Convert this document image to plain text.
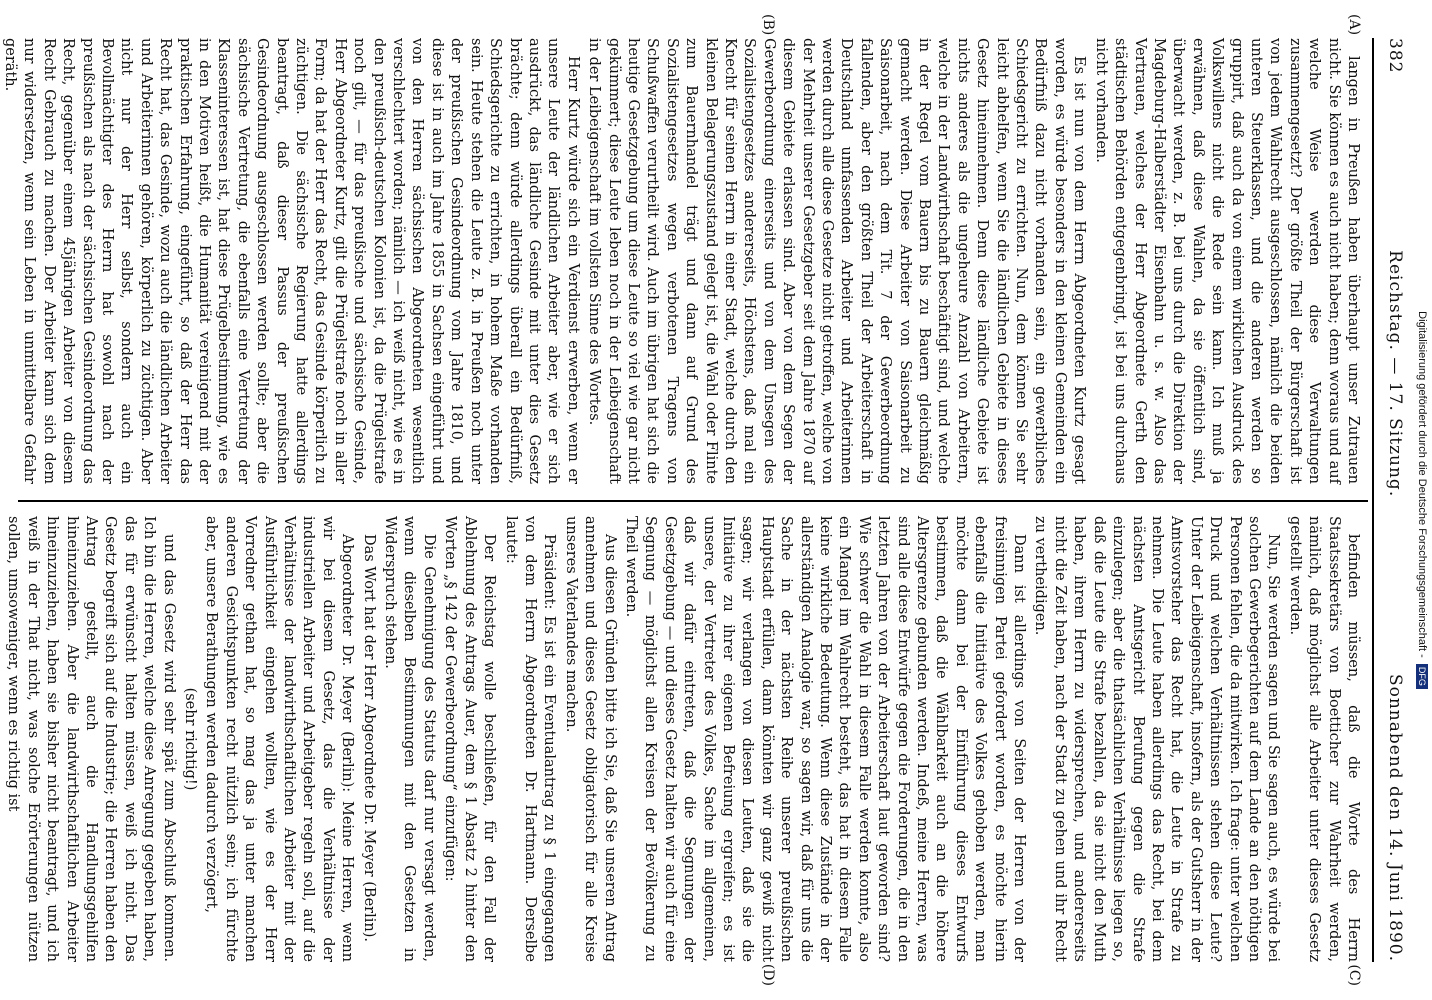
382
Reichstag. — 17. Sitzung.
Sonnabend den 14. Juni 1890.
(A)
(B)
(C)
(D)

langen in Preußen haben überhaupt unser Zutrauen nicht. Sie können es auch nicht haben; denn woraus und auf welche Weise werden diese Verwaltungen zusammengesetzt? Der größte Theil der Bürgerschaft ist von jedem Wahlrecht ausgeschlossen, nämlich die beiden unteren Steuerklassen, und die anderen werden so gruppirt, daß auch da von einem wirklichen Ausdruck des Volkswillens nicht die Rede sein kann. Ich muß ja erwähnen, daß diese Wahlen, da sie öffentlich sind, überwacht werden, z. B. bei uns durch die Direktion der Magdeburg-Halberstädter Eisenbahn u. s. w. Also das Vertrauen, welches der Herr Abgeordnete Gerth den städtischen Behörden entgegenbringt, ist bei uns durchaus nicht vorhanden.

Es ist nun von dem Herrn Abgeordneten Kurtz gesagt worden, es würde besonders in den kleinen Gemeinden ein Bedürfniß dazu nicht vorhanden sein, ein gewerbliches Schiedsgericht zu errichten. Nun, dem können Sie sehr leicht abhelfen, wenn Sie die ländlichen Gebiete in dieses Gesetz hineinnehmen. Denn diese ländliche Gebiete ist nichts anderes als die ungeheure Anzahl von Arbeitern, welche in der Landwirthschaft beschäftigt sind, und welche in der Regel vom Bauern bis zu Bauern gleichmäßig gemacht werden. Diese Arbeiter von Saisonarbeit zu Saisonarbeit, nach dem Tit. 7 der Gewerbeordnung fallenden, aber den größten Theil der Arbeiterschaft in Deutschland umfassenden Arbeiter und Arbeiterinnen werden durch alle diese Gesetze nicht getroffen, welche von der Mehrheit unserer Gesetzgeber seit dem Jahre 1870 auf diesem Gebiete erlassen sind. Aber von dem Segen der Gewerbeordnung einerseits und von dem Unsegen des Sozialistengesetzes andererseits, Höchstens, daß mal ein Knecht für seinen Herrn in einer Stadt, welche durch den kleinen Belagerungszustand gelegt ist, die Wahl oder Flinte zum Bauernhandel trägt und dann auf Grund des Sozialistengesetzes wegen verbotenen Tragens von Schußwaffen verurtheilt wird. Auch im übrigen hat sich die heutige Gesetzgebung um diese Leute so viel wie gar nicht gekümmert; diese Leute leben noch in der Leibeigenschaft in der Leibeigenschaft im vollsten Sinne des Wortes.

Herr Kurtz würde sich ein Verdienst erwerben, wenn er unsere Leute der ländlichen Arbeiter aber, wie er sich ausdrückt, das ländliche Gesinde mit unter dies Gesetz brächte; denn würde allerdings überall ein Bedürfniß, Schiedsgerichte zu errichten, in hohem Maße vorhanden sein. Heute stehen die Leute z. B. in Preußen noch unter der preußischen Gesindeordnung vom Jahre 1810, und diese ist in auch im Jahre 1855 in Sachsen eingeführt und von den Herren sächsischen Abgeordneten wesentlich verschlechtert worden; nämlich — ich weiß nicht, wie es in den preußisch-deutschen Kolonien ist, da die Prügelstrafe noch gilt, — für das preußische und sächsische Gesinde, Herr Abgeordneter Kurtz, gilt die Prügelstrafe noch in aller Form; da hat der Herr das Recht, das Gesinde körperlich zu züchtigen. Die sächsische Regierung hatte allerdings beantragt, daß dieser Passus der preußischen Gesindeordnung ausgeschlossen werden sollte; aber die sächsische Vertretung, die ebenfalls eine Vertretung der Klasseninteressen ist, hat diese Prügelbestimmung, wie es in den Motiven heißt, die Humanität vereinigend mit der praktischen Erfahrung, eingeführt, so daß der Herr das Recht hat, das Gesinde, wozu auch die ländlichen Arbeiter und Arbeiterinnen gehören, körperlich zu züchtigen. Aber nicht nur der Herr selbst, sondern auch ein Bevollmächtigter des Herrn hat sowohl nach der preußischen als nach der sächsischen Gesindeordnung das Recht, gegenüber einem 45jährigen Arbeiter von diesem Recht Gebrauch zu machen. Der Arbeiter kann sich dem nur widersetzen, wenn sein Leben in unmittelbare Gefahr geräth.

befinden müssen, daß die Worte des Herrn Staatssekretärs von Boetticher zur Wahrheit werden, nämlich, daß möglichst alle Arbeiter unter dieses Gesetz gestellt werden.

Nun, Sie werden sagen und Sie sagen auch, es würde bei solchen Gewerbegerichten auf dem Lande an den nöthigen Personen fehlen, die da mitwirken. Ich frage: unter welchen Druck und welchen Verhältnissen stehen diese Leute? Unter der Leibeigenschaft, insofern, als der Gutsherr in der Amtsvorsteher das Recht hat, die Leute in Strafe zu nehmen. Die Leute haben allerdings das Recht, bei dem nächsten Amtsgericht Berufung gegen die Strafe einzulegen; aber die thatsächlichen Verhältnisse liegen so, daß die Leute die Strafe bezahlen, da sie nicht den Muth haben, ihrem Herrn zu widersprechen, und andererseits nicht die Zeit haben, nach der Stadt zu gehen und ihr Recht zu vertheidigen.

Dann ist allerdings von Seiten der Herren von der freisinnigen Partei gefordert worden, es möchte hierin ebenfalls die Initiative des Volkes gehoben werden, man möchte dann bei der Einführung dieses Entwurfs bestimmen, daß die Wählbarkeit auch an die höhere Altersgrenze gebunden werden. Indeß, meine Herren, was sind alle diese Entwürfe gegen die Forderungen, die in den letzten Jahren von der Arbeiterschaft laut geworden sind? Wie schwer die Wahl in diesem Falle werden konnte, also ein Mangel im Wahlrecht besteht, das hat in diesem Falle keine wirkliche Bedeutung. Wenn diese Zustände in der allerständigen Analogie war, so sagen wir, daß für uns die Sache in der nächsten Reihe unserer preußischen Hauptstadt erfüllen, dann könnten wir ganz gewiß nicht sagen; wir verlangen von diesen Leuten, daß sie die Initiative zu ihrer eigenen Befreiung ergreifen; es ist unsere, der Vertreter des Volkes, Sache im allgemeinen, daß wir dafür eintreten, daß die Segnungen der Gesetzgebung — und dieses Gesetz halten wir auch für eine Segnung — möglichst allen Kreisen der Bevölkerung zu Theil werden.

Aus diesen Gründen bitte ich Sie, daß Sie unseren Antrag annehmen und dieses Gesetz obligatorisch für alle Kreise unseres Vaterlandes machen.

Präsident: Es ist ein Eventualantrag zu § 1 eingegangen von dem Herrn Abgeordneten Dr. Hartmann. Derselbe lautet:

Der Reichstag wolle beschließen, für den Fall der Ablehnung des Antrags Auer, dem § 1 Absatz 2 hinter den Worten „§ 142 der Gewerbeordnung“ einzufügen:

Die Genehmigung des Statuts darf nur versagt werden, wenn dieselben Bestimmungen mit den Gesetzen in Widerspruch stehen.

Das Wort hat der Herr Abgeordnete Dr. Meyer (Berlin).

Abgeordneter Dr. Meyer (Berlin): Meine Herren, wenn wir bei diesem Gesetz, das die Verhältnisse der industriellen Arbeiter und Arbeitgeber regeln soll, auf die Verhältnisse der landwirthschaftlichen Arbeiter mit der Ausführlichkeit eingehen wollten, wie es der Herr Vorredner gethan hat, so mag das ja unter manchen anderen Gesichtspunkten recht nützlich sein; ich fürchte aber, unsere Berathungen werden dadurch verzögert,

(sehr richtig!)

und das Gesetz wird sehr spät zum Abschluß kommen. Ich bin die Herren, welche diese Anregung gegeben haben, das für erwünscht halten müssen, weiß ich nicht. Das Gesetz begreift sich auf die Industrie; die Herren haben den Antrag gestellt, auch die Handlungsgehilfen hineinzuziehen. Aber die landwirthschaftlichen Arbeiter hineinzuziehen, haben sie bisher nicht beantragt, und ich weiß in der That nicht, was solche Erörterungen nützen sollen, umsoweniger, wenn es richtig ist

Digitalisierung gefördert durch die Deutsche Forschungsgemeinschaft -
DFG
